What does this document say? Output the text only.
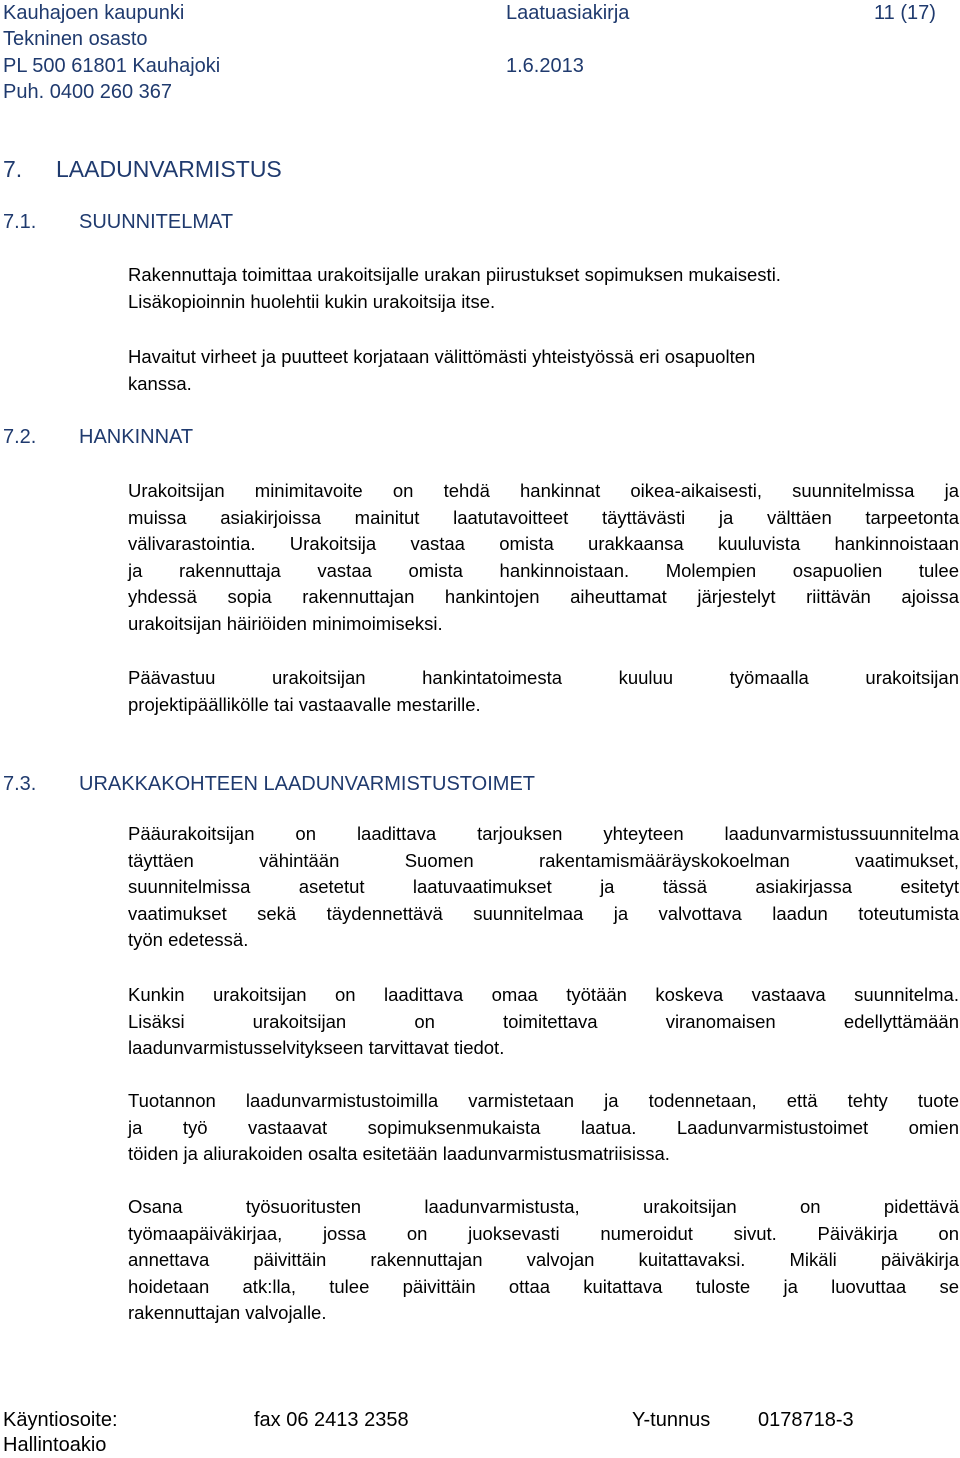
Kauhajoen kaupunki
Tekninen osasto
PL 500 61801 Kauhajoki
Puh. 0400 260 367
Laatuasiakirja
1.6.2013
11 (17)
7. LAADUNVARMISTUS
7.1. SUUNNITELMAT
Rakennuttaja toimittaa urakoitsijalle urakan piirustukset sopimuksen mukaisesti.
Lisäkopioinnin huolehtii kukin urakoitsija itse.
Havaitut virheet ja puutteet korjataan välittömästi yhteistyössä eri osapuolten
kanssa.
7.2. HANKINNAT
Urakoitsijan minimitavoite on tehdä hankinnat oikea-aikaisesti, suunnitelmissa ja
muissa asiakirjoissa mainitut laatutavoitteet täyttävästi ja välttäen tarpeetonta
välivarastointia. Urakoitsija vastaa omista urakkaansa kuuluvista hankinnoistaan
ja rakennuttaja vastaa omista hankinnoistaan. Molempien osapuolien tulee
yhdessä sopia rakennuttajan hankintojen aiheuttamat järjestelyt riittävän ajoissa
urakoitsijan häiriöiden minimoimiseksi.
Päävastuu urakoitsijan hankintatoimesta kuuluu työmaalla urakoitsijan
projektipäällikölle tai vastaavalle mestarille.
7.3. URAKKAKOHTEEN LAADUNVARMISTUSTOIMET
Pääurakoitsijan on laadittava tarjouksen yhteyteen laadunvarmistussuunnitelma
täyttäen vähintään Suomen rakentamismääräyskokoelman vaatimukset,
suunnitelmissa asetetut laatuvaatimukset ja tässä asiakirjassa esitetyt
vaatimukset sekä täydennettävä suunnitelmaa ja valvottava laadun toteutumista
työn edetessä.
Kunkin urakoitsijan on laadittava omaa työtään koskeva vastaava suunnitelma.
Lisäksi urakoitsijan on toimitettava viranomaisen edellyttämään
laadunvarmistusselvitykseen tarvittavat tiedot.
Tuotannon laadunvarmistustoimilla varmistetaan ja todennetaan, että tehty tuote
ja työ vastaavat sopimuksenmukaista laatua. Laadunvarmistustoimet omien
töiden ja aliurakoiden osalta esitetään laadunvarmistusmatriisissa.
Osana työsuoritusten laadunvarmistusta, urakoitsijan on pidettävä
työmaapäiväkirjaa, jossa on juoksevasti numeroidut sivut. Päiväkirja on
annettava päivittäin rakennuttajan valvojan kuitattavaksi. Mikäli päiväkirja
hoidetaan atk:lla, tulee päivittäin ottaa kuitattava tuloste ja luovuttaa se
rakennuttajan valvojalle.
Käyntiosoite:
Hallintoakio
fax 06 2413 2358	Y-tunnus 0178718-3
